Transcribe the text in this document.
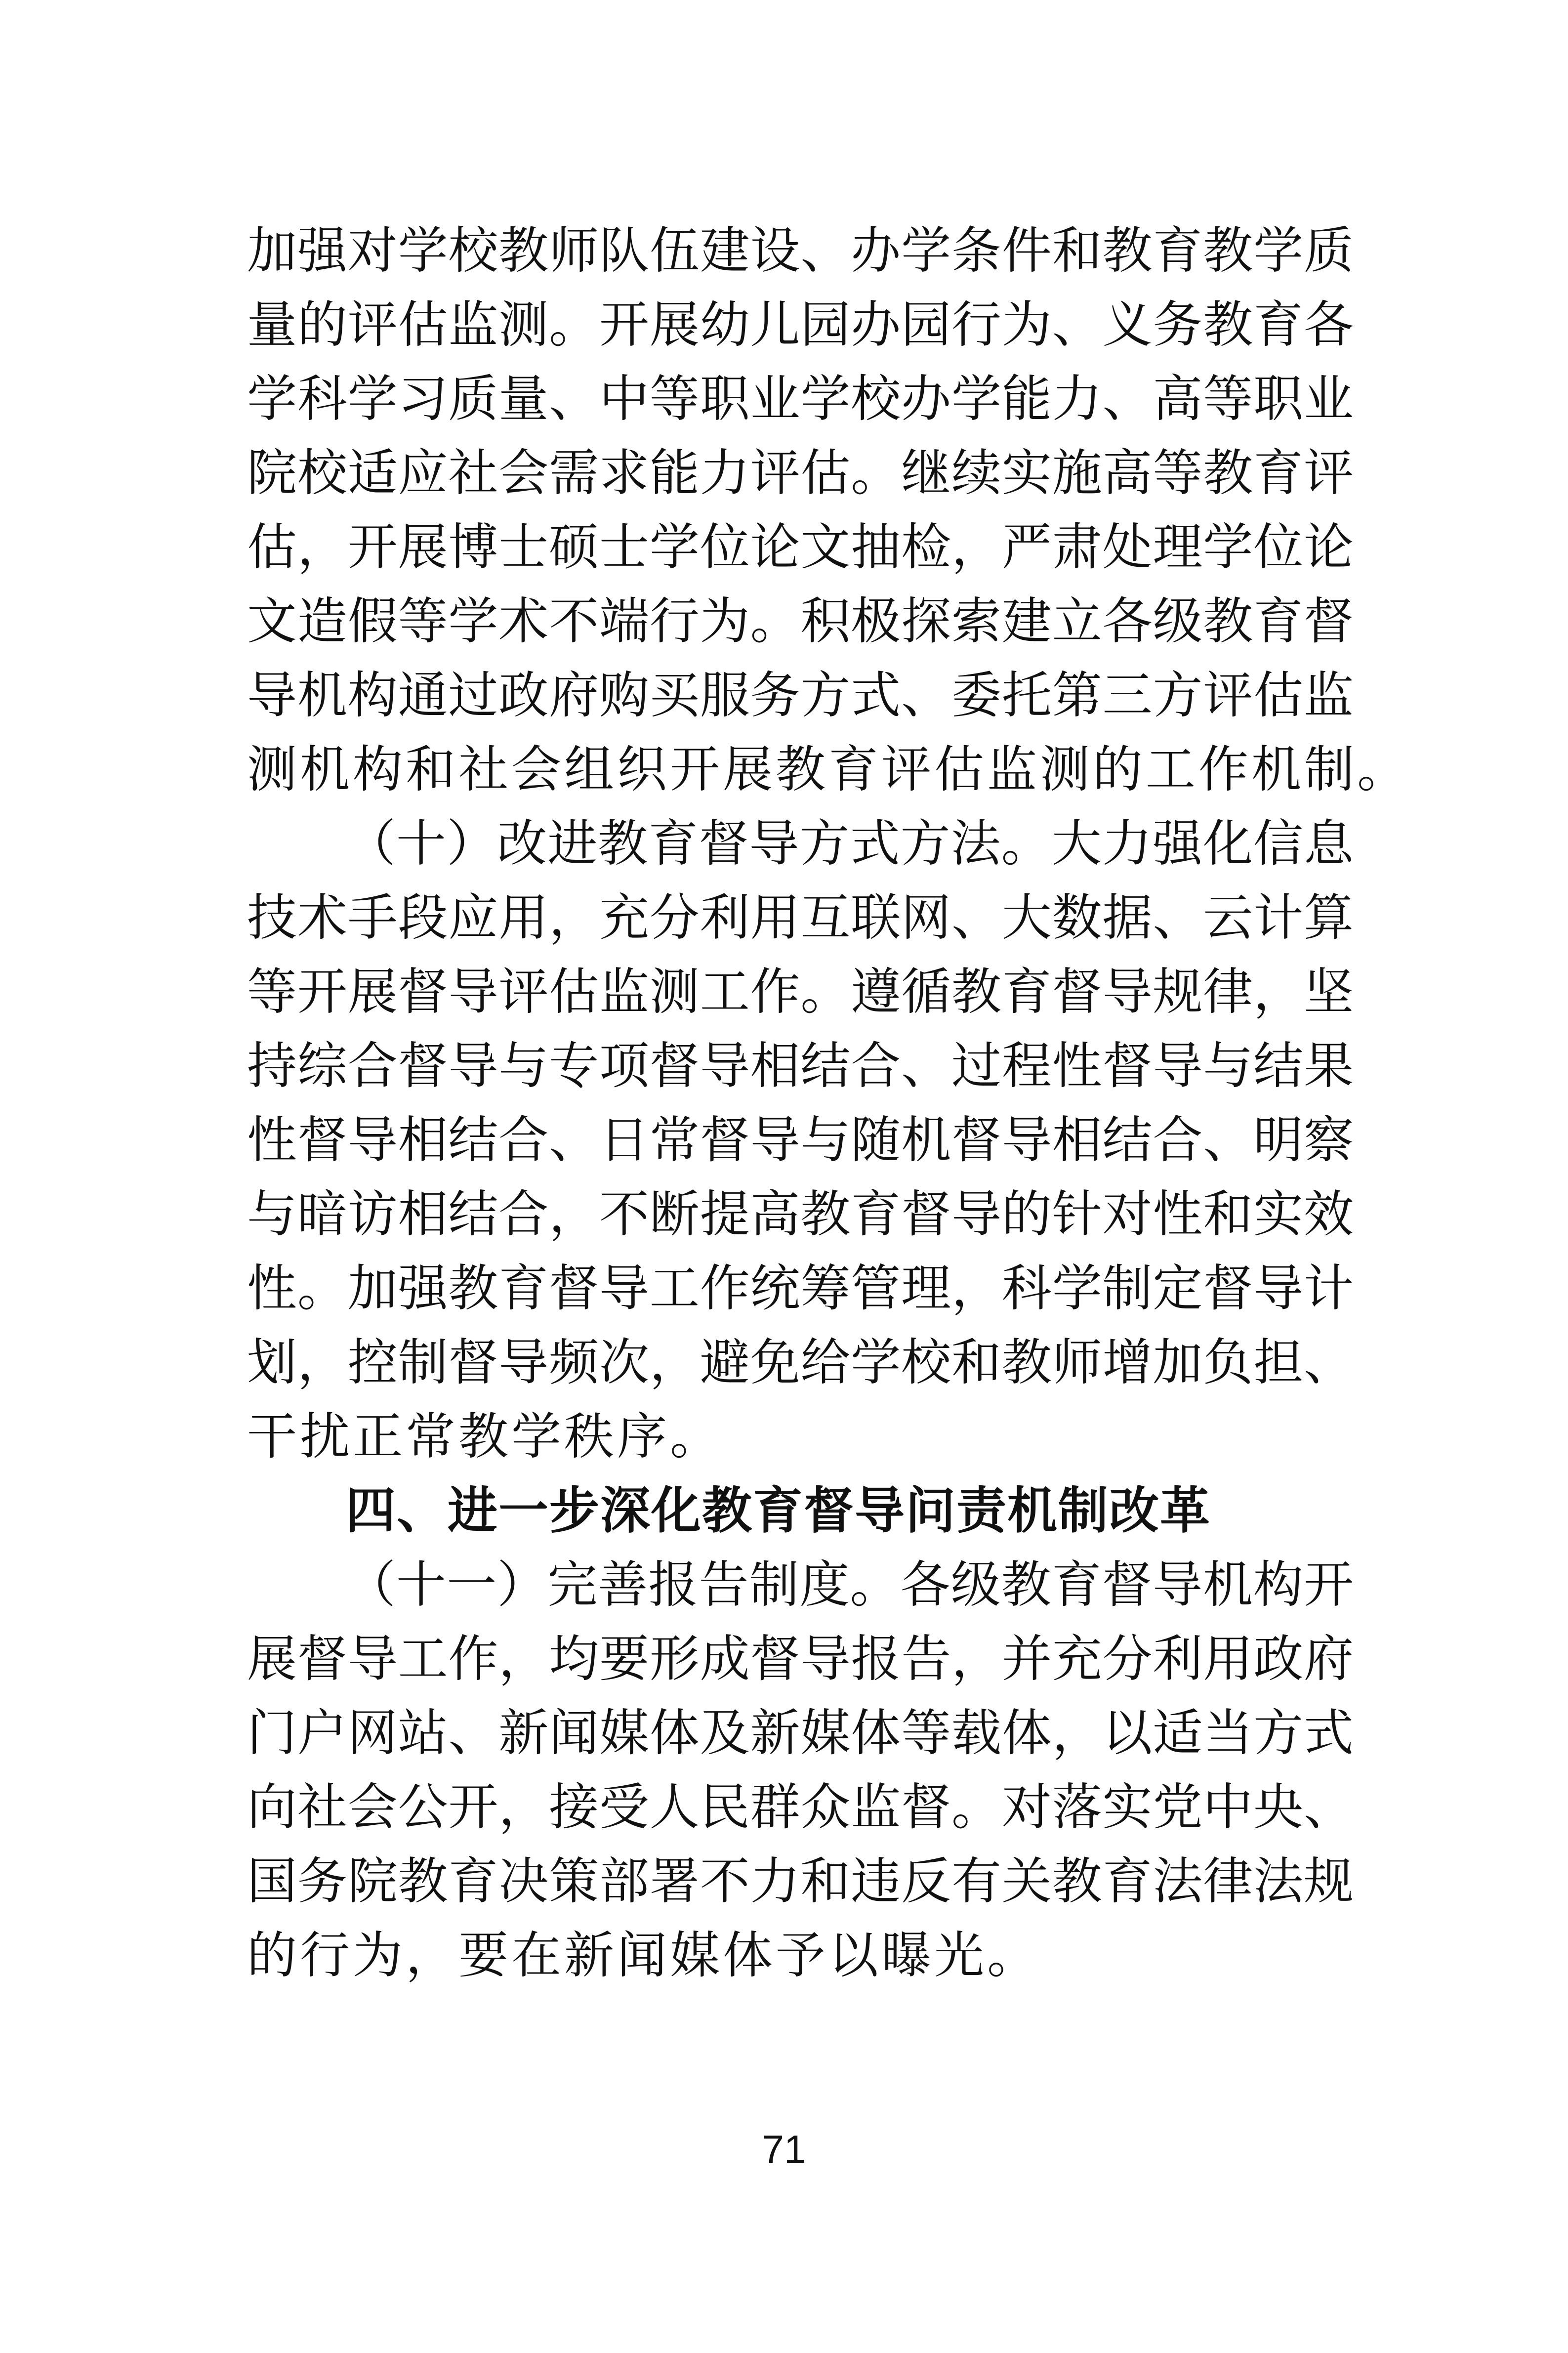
加强对学校教师队伍建设、办学条件和教育教学质
量的评估监测。开展幼儿园办园行为、义务教育各
学科学习质量、中等职业学校办学能力、高等职业
院校适应社会需求能力评估。继续实施高等教育评
估，开展博士硕士学位论文抽检，严肃处理学位论
文造假等学术不端行为。积极探索建立各级教育督
导机构通过政府购买服务方式、委托第三方评估监
测机构和社会组织开展教育评估监测的工作机制。
（十）改进教育督导方式方法。大力强化信息
技术手段应用，充分利用互联网、大数据、云计算
等开展督导评估监测工作。遵循教育督导规律，坚
持综合督导与专项督导相结合、过程性督导与结果
性督导相结合、日常督导与随机督导相结合、明察
与暗访相结合，不断提高教育督导的针对性和实效
性。加强教育督导工作统筹管理，科学制定督导计
划，控制督导频次，避免给学校和教师增加负担、
干扰正常教学秩序。
四、进一步深化教育督导问责机制改革
（十一）完善报告制度。各级教育督导机构开
展督导工作，均要形成督导报告，并充分利用政府
门户网站、新闻媒体及新媒体等载体，以适当方式
向社会公开，接受人民群众监督。对落实党中央、
国务院教育决策部署不力和违反有关教育法律法规
的行为，要在新闻媒体予以曝光。
71
